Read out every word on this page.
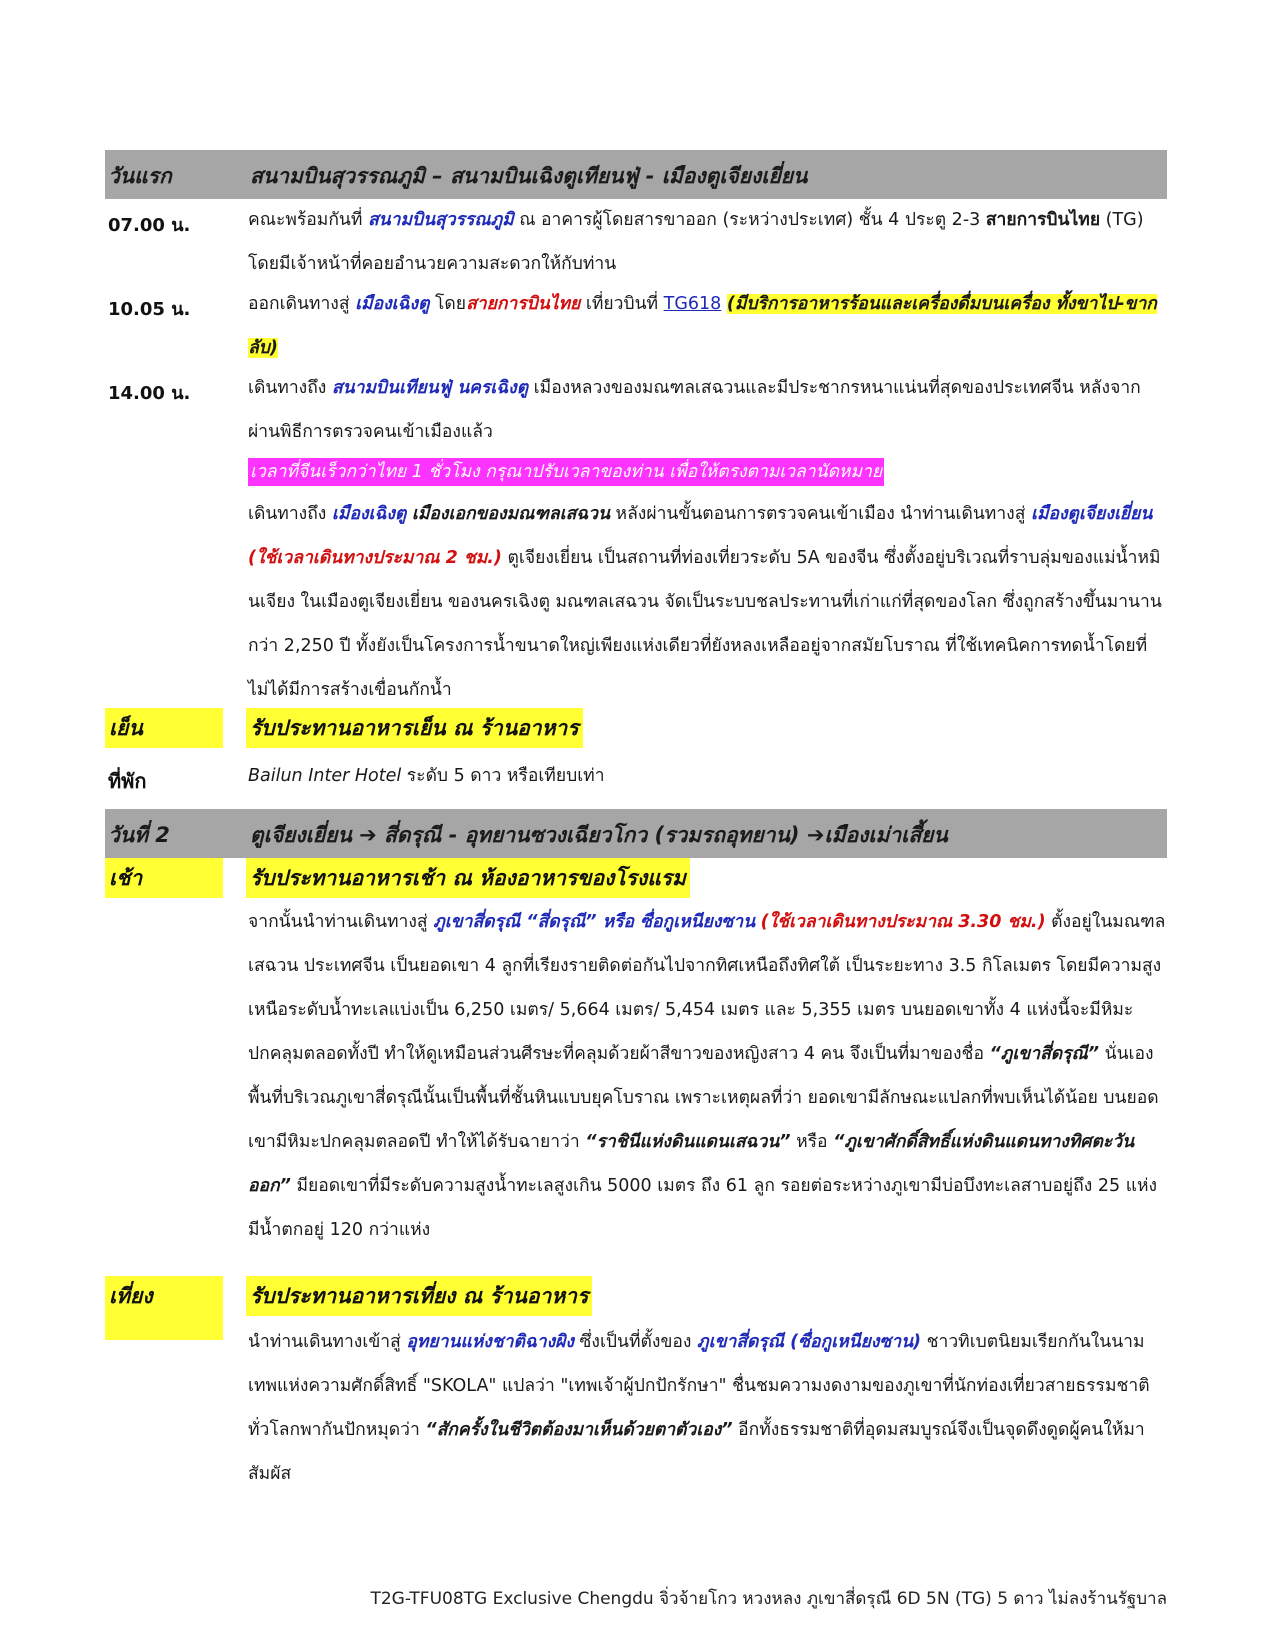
วันแรก	สนามบินสุวรรณภูมิ – สนามบินเฉิงตูเทียนฟู่ - เมืองตูเจียงเยี่ยน
07.00 น.	คณะพร้อมกันที่ สนามบินสุวรรณภูมิ ณ อาคารผู้โดยสารขาออก (ระหว่างประเทศ) ชั้น 4 ประตู 2-3 สายการบินไทย (TG) โดยมีเจ้าหน้าที่คอยอำนวยความสะดวกให้กับท่าน
10.05 น.	ออกเดินทางสู่ เมืองเฉิงตู โดยสายการบินไทย เที่ยวบินที่ TG618 (มีบริการอาหารร้อนและเครื่องดื่มบนเครื่อง ทั้งขาไป-ขากลับ)
14.00 น.	เดินทางถึง สนามบินเทียนฟู่ นครเฉิงตู เมืองหลวงของมณฑลเสฉวนและมีประชากรหนาแน่นที่สุดของประเทศจีน หลังจากผ่านพิธีการตรวจคนเข้าเมืองแล้ว
เวลาที่จีนเร็วกว่าไทย 1 ชั่วโมง กรุณาปรับเวลาของท่าน เพื่อให้ตรงตามเวลานัดหมาย
เดินทางถึง เมืองเฉิงตู เมืองเอกของมณฑลเสฉวน หลังผ่านขั้นตอนการตรวจคนเข้าเมือง นำท่านเดินทางสู่ เมืองตูเจียงเยี่ยน (ใช้เวลาเดินทางประมาณ 2 ชม.) ตูเจียงเยี่ยน เป็นสถานที่ท่องเที่ยวระดับ 5A ของจีน ซึ่งตั้งอยู่บริเวณที่ราบลุ่มของแม่น้ำหมินเจียง ในเมืองตูเจียงเยี่ยน ของนครเฉิงตู มณฑลเสฉวน จัดเป็นระบบชลประทานที่เก่าแก่ที่สุดของโลก ซึ่งถูกสร้างขึ้นมานานกว่า 2,250 ปี ทั้งยังเป็นโครงการน้ำขนาดใหญ่เพียงแห่งเดียวที่ยังหลงเหลืออยู่จากสมัยโบราณ ที่ใช้เทคนิคการทดน้ำโดยที่ไม่ได้มีการสร้างเขื่อนกักน้ำ
เย็น	รับประทานอาหารเย็น ณ ร้านอาหาร
ที่พัก	Bailun Inter Hotel ระดับ 5 ดาว หรือเทียบเท่า
วันที่ 2	ตูเจียงเยี่ยน ➔ สี่ดรุณี - อุทยานซวงเฉียวโกว (รวมรถอุทยาน) ➔เมืองเม่าเสี้ยน
เช้า	รับประทานอาหารเช้า ณ ห้องอาหารของโรงแรม
จากนั้นนำท่านเดินทางสู่ ภูเขาสี่ดรุณี “สี่ดรุณี” หรือ ซื่อกูเหนียงซาน (ใช้เวลาเดินทางประมาณ 3.30 ชม.) ตั้งอยู่ในมณฑลเสฉวน ประเทศจีน เป็นยอดเขา 4 ลูกที่เรียงรายติดต่อกันไปจากทิศเหนือถึงทิศใต้ เป็นระยะทาง 3.5 กิโลเมตร โดยมีความสูงเหนือระดับน้ำทะเลแบ่งเป็น 6,250 เมตร/ 5,664 เมตร/ 5,454 เมตร และ 5,355 เมตร บนยอดเขาทั้ง 4 แห่งนี้จะมีหิมะปกคลุมตลอดทั้งปี ทำให้ดูเหมือนส่วนศีรษะที่คลุมด้วยผ้าสีขาวของหญิงสาว 4 คน จึงเป็นที่มาของชื่อ “ภูเขาสี่ดรุณี” นั่นเองพื้นที่บริเวณภูเขาสี่ดรุณีนั้นเป็นพื้นที่ชั้นหินแบบยุคโบราณ เพราะเหตุผลที่ว่า ยอดเขามีลักษณะแปลกที่พบเห็นได้น้อย บนยอดเขามีหิมะปกคลุมตลอดปี ทำให้ได้รับฉายาว่า “ราชินีแห่งดินแดนเสฉวน” หรือ “ภูเขาศักดิ์สิทธิ์แห่งดินแดนทางทิศตะวันออก” มียอดเขาที่มีระดับความสูงน้ำทะเลสูงเกิน 5000 เมตร ถึง 61 ลูก รอยต่อระหว่างภูเขามีบ่อบึงทะเลสาบอยู่ถึง 25 แห่ง มีน้ำตกอยู่ 120 กว่าแห่ง
เที่ยง	รับประทานอาหารเที่ยง ณ ร้านอาหาร
นำท่านเดินทางเข้าสู่ อุทยานแห่งชาติฉางผิง ซึ่งเป็นที่ตั้งของ ภูเขาสี่ดรุณี (ซื่อกูเหนียงซาน) ชาวทิเบตนิยมเรียกกันในนามเทพแห่งความศักดิ์สิทธิ์ "SKOLA" แปลว่า "เทพเจ้าผู้ปกปักรักษา" ชื่นชมความงดงามของภูเขาที่นักท่องเที่ยวสายธรรมชาติทั่วโลกพากันปักหมุดว่า “สักครั้งในชีวิตต้องมาเห็นด้วยตาตัวเอง” อีกทั้งธรรมชาติที่อุดมสมบูรณ์จึงเป็นจุดดึงดูดผู้คนให้มาสัมผัส
T2G-TFU08TG Exclusive Chengdu จิ่วจ้ายโกว หวงหลง ภูเขาสี่ดรุณี 6D 5N (TG) 5 ดาว ไม่ลงร้านรัฐบาล
